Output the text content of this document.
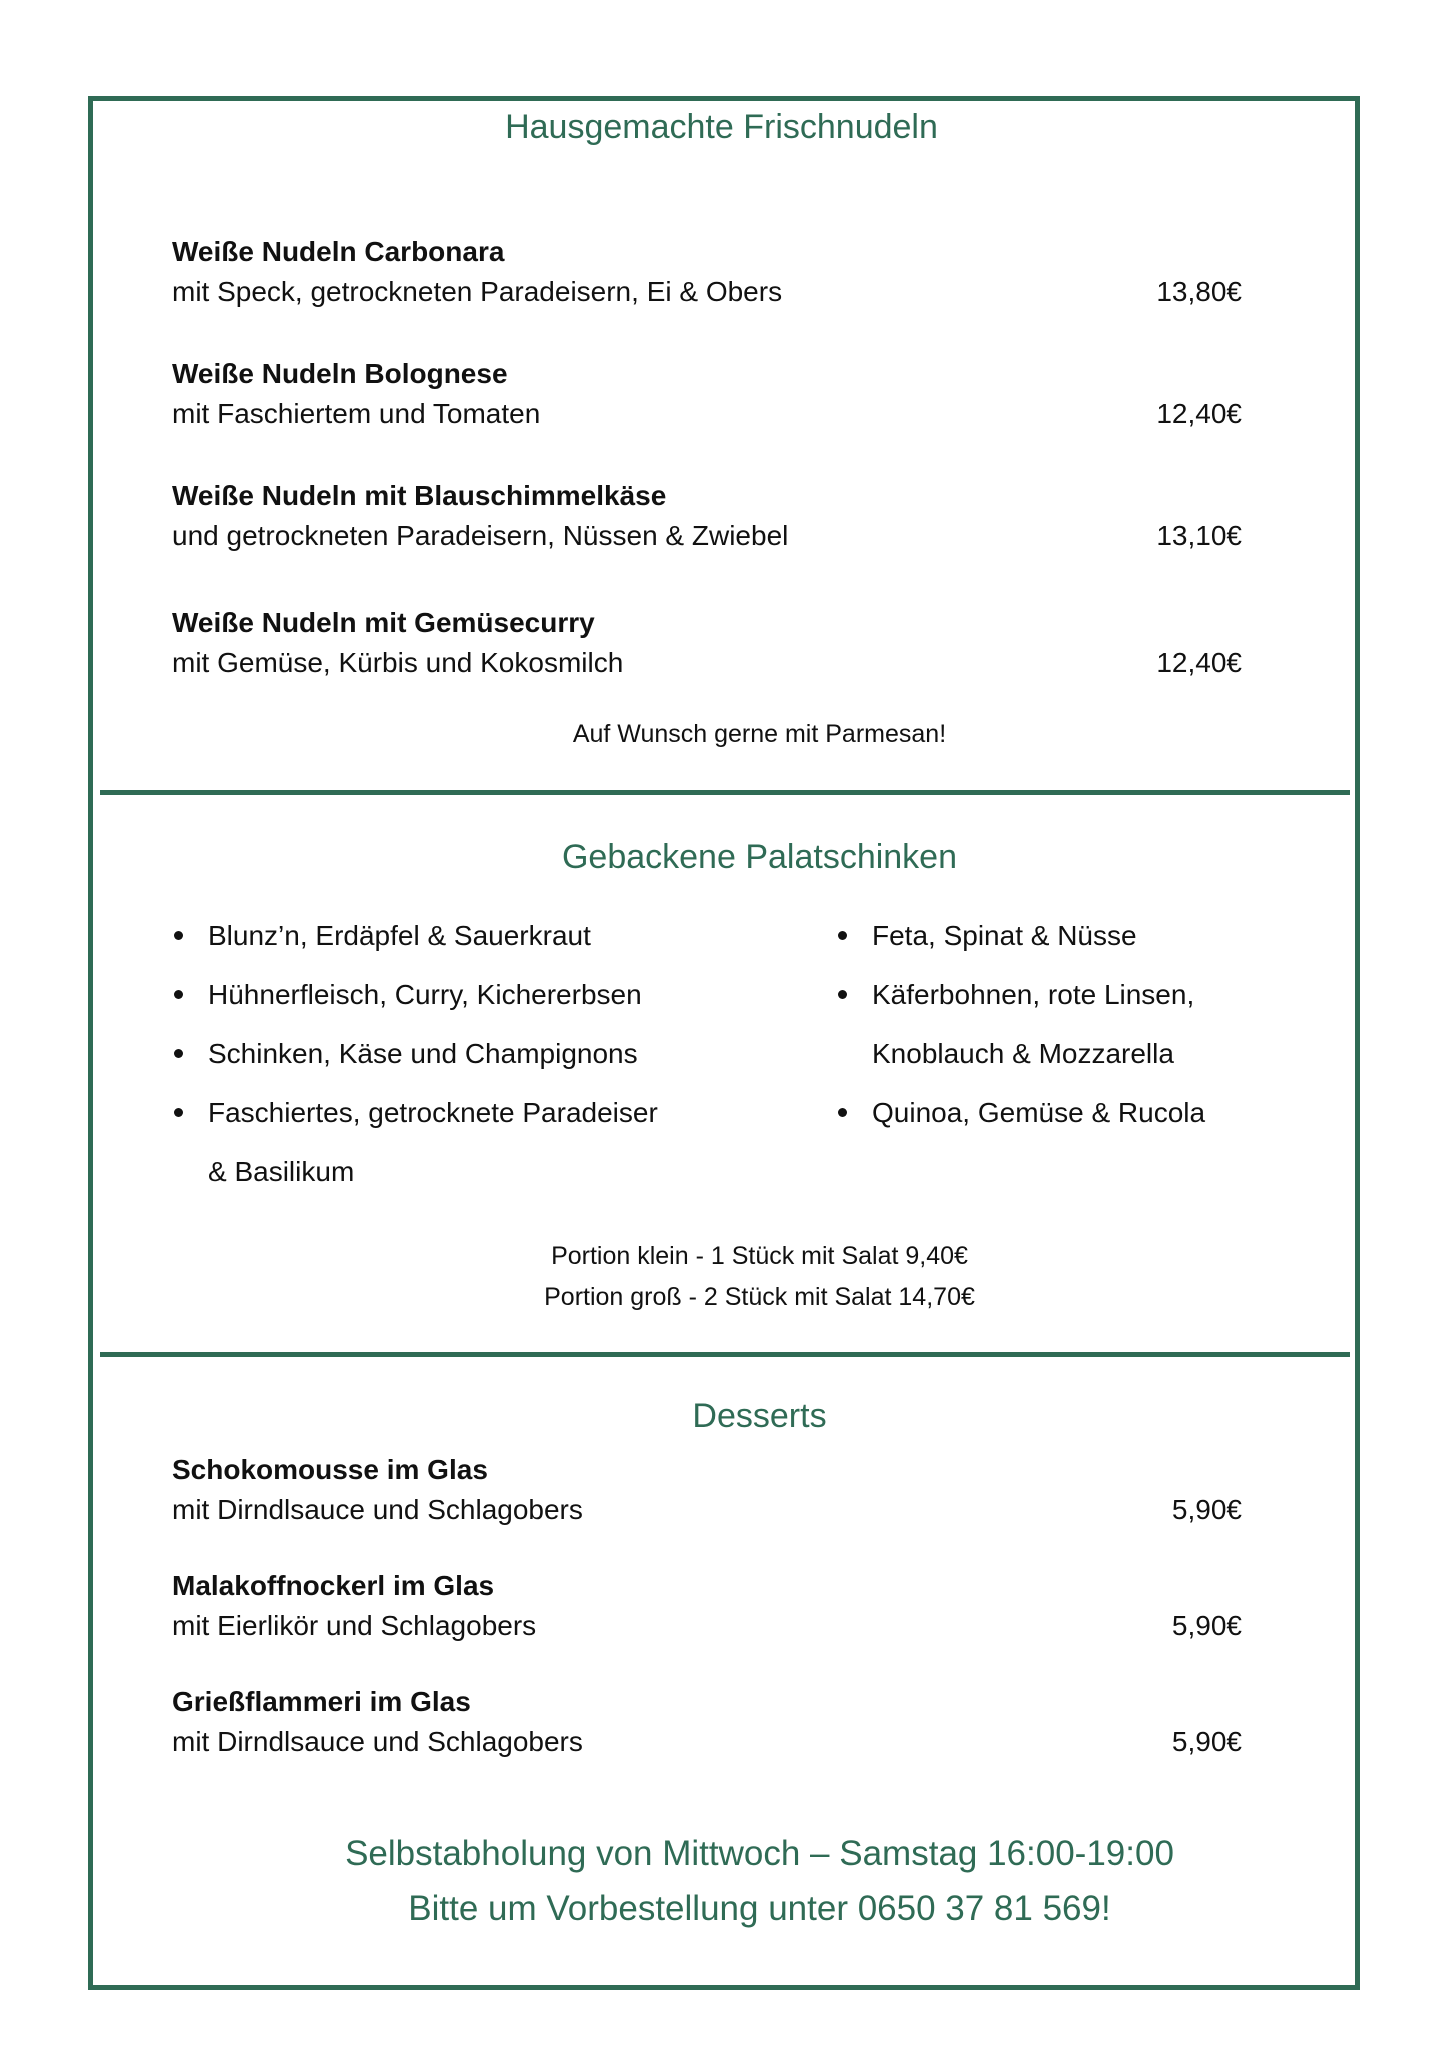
Hausgemachte Frischnudeln
Weiße Nudeln Carbonara
mit Speck, getrockneten Paradeisern, Ei & Obers	13,80€
Weiße Nudeln Bolognese
mit Faschiertem und Tomaten	12,40€
Weiße Nudeln mit Blauschimmelkäse
und getrockneten Paradeisern, Nüssen & Zwiebel	13,10€
Weiße Nudeln mit Gemüsecurry
mit Gemüse, Kürbis und Kokosmilch	12,40€
Auf Wunsch gerne mit Parmesan!
Gebackene Palatschinken
Blunz’n, Erdäpfel & Sauerkraut
Hühnerfleisch, Curry, Kichererbsen
Schinken, Käse und Champignons
Faschiertes, getrocknete Paradeiser
& Basilikum
Feta, Spinat & Nüsse
Käferbohnen, rote Linsen,
Knoblauch & Mozzarella
Quinoa, Gemüse & Rucola
Portion klein - 1 Stück mit Salat 9,40€
Portion groß - 2 Stück mit Salat 14,70€
Desserts
Schokomousse im Glas
mit Dirndlsauce und Schlagobers	5,90€
Malakoffnockerl im Glas
mit Eierlikör und Schlagobers	5,90€
Grießflammeri im Glas
mit Dirndlsauce und Schlagobers	5,90€
Selbstabholung von Mittwoch – Samstag 16:00-19:00
Bitte um Vorbestellung unter 0650 37 81 569!
